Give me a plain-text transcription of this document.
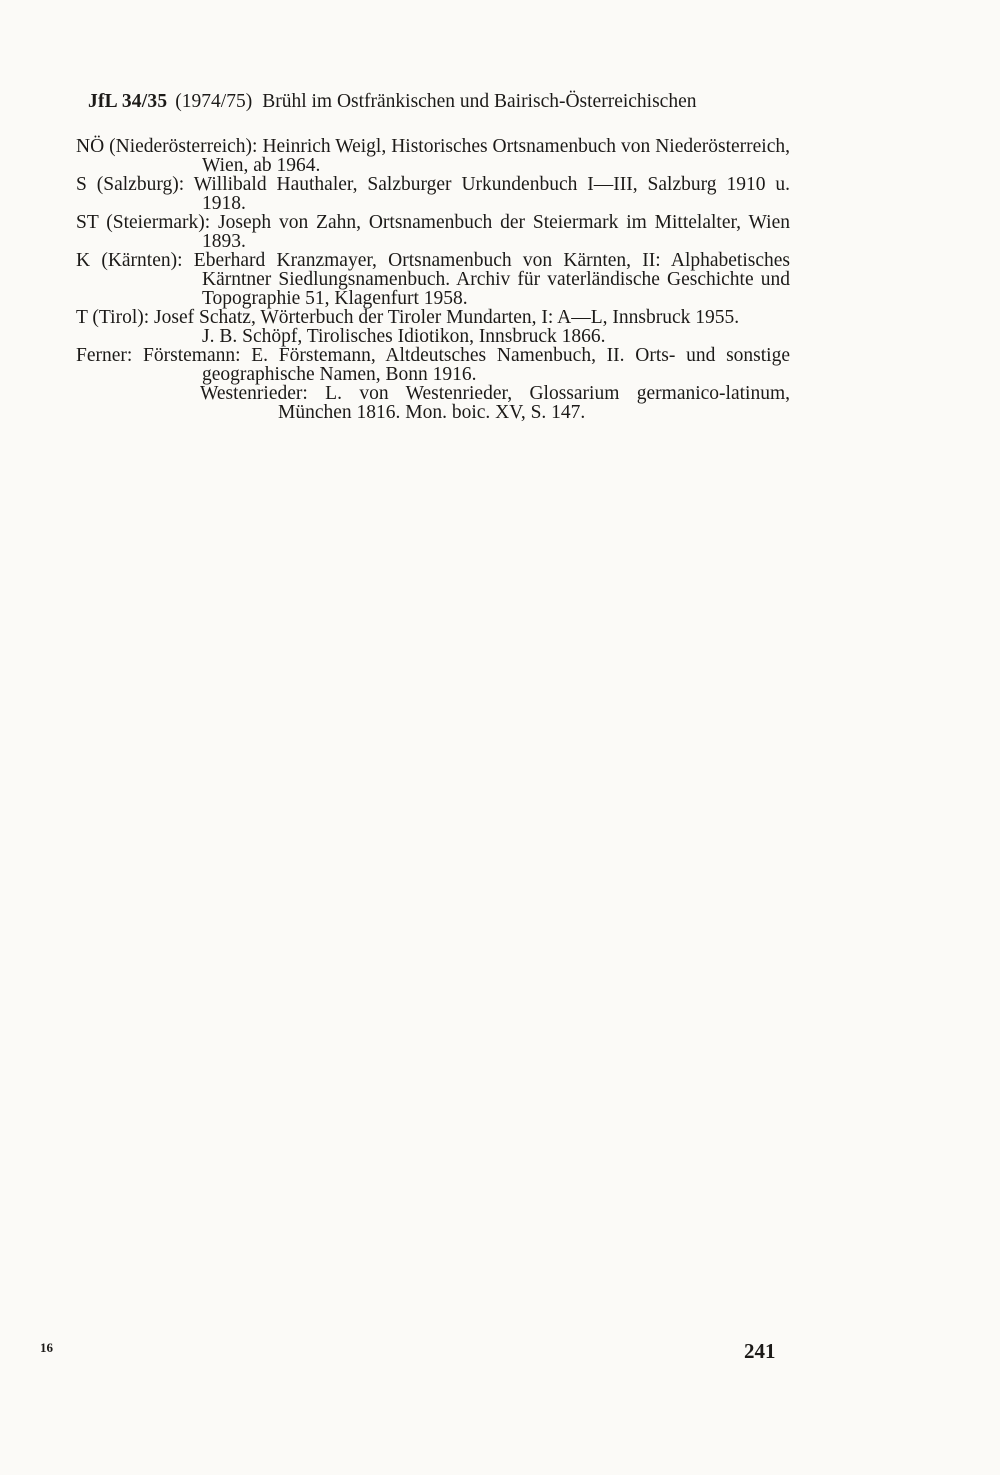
JfL 34/35 (1974/75) Brühl im Ostfränkischen und Bairisch-Österreichischen
NÖ (Niederösterreich): Heinrich Weigl, Historisches Ortsnamenbuch von Niederösterreich, Wien, ab 1964.
S (Salzburg): Willibald Hauthaler, Salzburger Urkundenbuch I—III, Salzburg 1910 u. 1918.
ST (Steiermark): Joseph von Zahn, Ortsnamenbuch der Steiermark im Mittelalter, Wien 1893.
K (Kärnten): Eberhard Kranzmayer, Ortsnamenbuch von Kärnten, II: Alphabetisches Kärntner Siedlungsnamenbuch. Archiv für vaterländische Geschichte und Topographie 51, Klagenfurt 1958.
T (Tirol): Josef Schatz, Wörterbuch der Tiroler Mundarten, I: A—L, Innsbruck 1955.
J. B. Schöpf, Tirolisches Idiotikon, Innsbruck 1866.
Ferner: Förstemann: E. Förstemann, Altdeutsches Namenbuch, II. Orts- und sonstige geographische Namen, Bonn 1916.
Westenrieder: L. von Westenrieder, Glossarium germanico-latinum, München 1816. Mon. boic. XV, S. 147.
16	241
